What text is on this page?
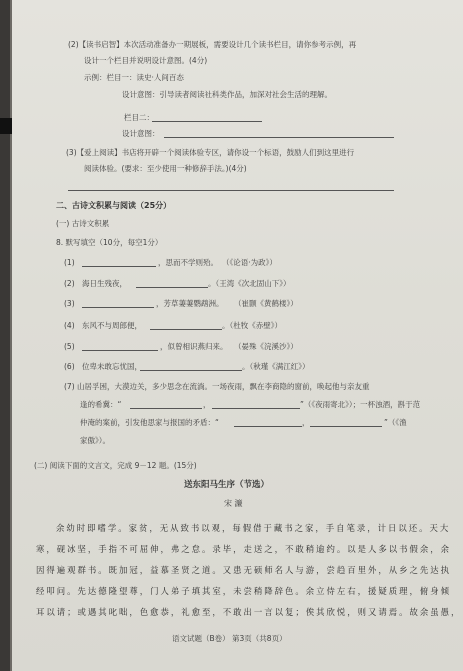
(2)【读书启智】本次活动准备办一期展板，需要设计几个读书栏目，请你参考示例，再
设计一个栏目并说明设计意图。(4分)
示例：栏目一：读史·人间百态
设计意图：引导读者阅读社科类作品，加深对社会生活的理解。
栏目二：
设计意图：
(3)【爱上阅读】书店将开辟一个阅读体验专区，请你设一个标语，鼓励人们到这里进行
阅读体验。(要求：至少使用一种修辞手法。)(4分)
二、古诗文积累与阅读（25分）
(一) 古诗文积累
8. 默写填空（10分，每空1分）
(1)	，思而不学则殆。 （《论语·为政》）
(2) 海日生残夜，	。（王湾《次北固山下》）
(3)	，芳草萋萋鹦鹉洲。 （崔颢《黄鹤楼》）
(4) 东风不与周郎便，	。（杜牧《赤壁》）
(5)	，似曾相识燕归来。 （晏殊《浣溪沙》）
(6) 位卑未敢忘忧国，	。（秋瑾《满江红》）
(7) 山居孚困，大漠边关，多少思念在流淌。一场夜雨，飘在李商隐的窗前，唤起他与亲友重
逢的希冀：“	，	”（《夜雨寄北》）；一杯浊酒，斟于范
仲淹的案前，引发他思家与报国的矛盾：“	，	”（《渔
家傲》）。
(二) 阅读下面的文言文，完成 9－12 题。(15分)
送东阳马生序（节选）
宋 濂
余幼时即嗜学。家贫，无从致书以观，每假借于藏书之家，手自笔录，计日以还。天大
寒，砚冰坚，手指不可屈伸，弗之怠。录毕，走送之，不敢稍逾约。以是人多以书假余，余
因得遍观群书。既加冠，益慕圣贤之道。又患无硕师名人与游，尝趋百里外，从乡之先达执
经叩问。先达德隆望尊，门人弟子填其室，未尝稍降辞色。余立侍左右，援疑质理，俯身倾
耳以请；或遇其叱咄，色愈恭，礼愈至，不敢出一言以复；俟其欣悦，则又请焉。故余虽愚，
语文试题（B卷） 第3页（共8页）
